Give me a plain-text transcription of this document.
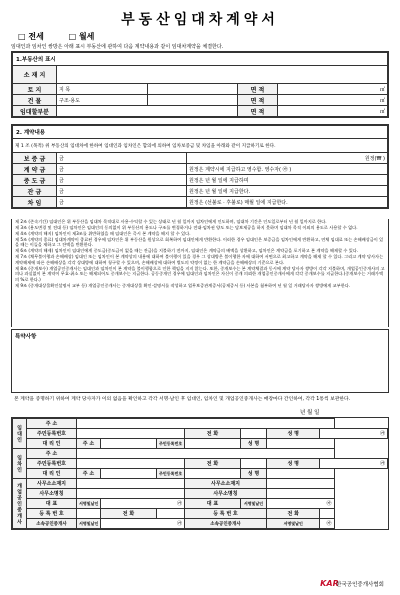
부동산임대차계약서
□ 전세	□ 월세
임대인과 임차인 쌍방은 아래 표시 부동산에 관하여 다음 계약내용과 같이 임대차계약을 체결한다.
1.부동산의 표시				
소 재 지				
토 지	지 목		면 적	㎡
건 물	구조·용도		면 적	㎡
임대할부분			면 적	㎡
2. 계약내용		
제 1 조 (목적) 위 부동산의 임대차에 한하여 임대인과 임차인은 합의에 의하여 임차보증금 및 차임을 아래와 같이 지급하기로 한다.		
보 증 금	금	원정(₩ )
계 약 금	금	원정은 계약시에 지급하고 영수함. 영수자( ㉮ )
중 도 금	금	원정은 년 월 일에 지급하며
잔 금	금	원정은 년 월 일에 지급한다.
차 임	금	원정은 (선불로 · 후불로) 매월 일에 지급한다.

제 2조 (존속기간) 임대인은 위 부동산을 임대차 목적대로 사용·수익할 수 있는 상태로 년 월 일까지 임차인에게 인도하며, 임대차 기간은 인도일로부터 년 월 일까지로 한다.

제 3조 (용도변경 및 전대 등) 임차인은 임대인의 동의없이 위 부동산의 용도나 구조를 변경하거나 전대·임차권 양도 또는 담보제공을 하지 못하며 임대차 목적 이외의 용도로 사용할 수 없다.

제 4조 (계약의 해지) 임차인이 제3조를 위반하였을 때 임대인은 즉시 본 계약을 해지 할 수 있다.

제 5조 (계약의 종료) 임대차계약이 종료된 경우에 임차인은 위 부동산을 원상으로 회복하여 임대인에게 반환한다. 이러한 경우 임대인은 보증금을 임차인에게 반환하고, 연체 임대료 또는 손해배상금이 있을 때는 이들을 제하고 그 잔액을 반환한다.

제 6조 (계약의 해제) 임차인이 임대인에게 중도금(중도금이 없을 때는 잔금)을 지불하기 전까지, 임대인은 계약금의 배액을 상환하고, 임차인은 계약금을 포기하고 본 계약을 해제할 수 있다.

제 7조 (채무불이행과 손해배상) 임대인 또는 임차인이 본 계약상의 내용에 대하여 불이행이 있을 경우 그 상대방은 불이행한 자에 대하여 서면으로 최고하고 계약을 해제 할 수 있다. 그리고 계약 당사자는 계약해제에 따른 손해배상을 각각 상대방에 대하여 청구할 수 있으며, 손해배상에 대하여 별도의 약정이 없는 한 계약금을 손해배상의 기준으로 본다.

제 8조 (중개보수) 개업공인중개사는 임대인과 임차인이 본 계약을 불이행함으로 인한 책임을 지지 않는다. 또한, 중개보수는 본 계약체결과 동시에 계약 당사자 쌍방이 각각 지불하며, 개업공인중개사의 고의나 과실없이 본 계약이 무효·취소 또는 해제되어도 중개보수는 지급한다. 공동중개인 경우에 임대인과 임차인은 자신이 중개 의뢰한 개업공인중개사에게 각각 중개보수를 지급한다.(중개보수는 거래가액의 %로 한다.)

제 9조 (중개대상물확인설명서 교부 등) 개업공인중개사는 중개대상물 확인·설명서를 작성하고 업무보증관계증서(공제증서 등) 사본을 첨부하여 년 월 일 거래당사자 쌍방에게 교부한다.

특약사항
본 계약을 증명하기 위하여 계약 당사자가 이의 없음을 확인하고 각각 서명·날인 후 임대인, 임차인 및 개업공인중개사는 매장마다 간인하여, 각각 1통씩 보관한다.
년 월 일
임대인	주 소							
	주민등록번호				전 화		성 명	㉮
	대 리 인	주 소		주민등록번호		성 명		
임차인	주 소							
	주민등록번호				전 화		성 명	㉮
	대 리 인	주 소		주민등록번호		성 명		
개업공인중개사	사무소소재지				사무소소재지			
	사무소명칭				사무소명칭			
	대 표	서명및날인	㉮		대 표	서명및날인	㉮	
	등 록 번 호		전 화		등 록 번 호		전 화	
	소속공인중개사	서명및날인	㉮		소속공인중개사		서명및날인	㉮
KAR
한국공인중개사협회
